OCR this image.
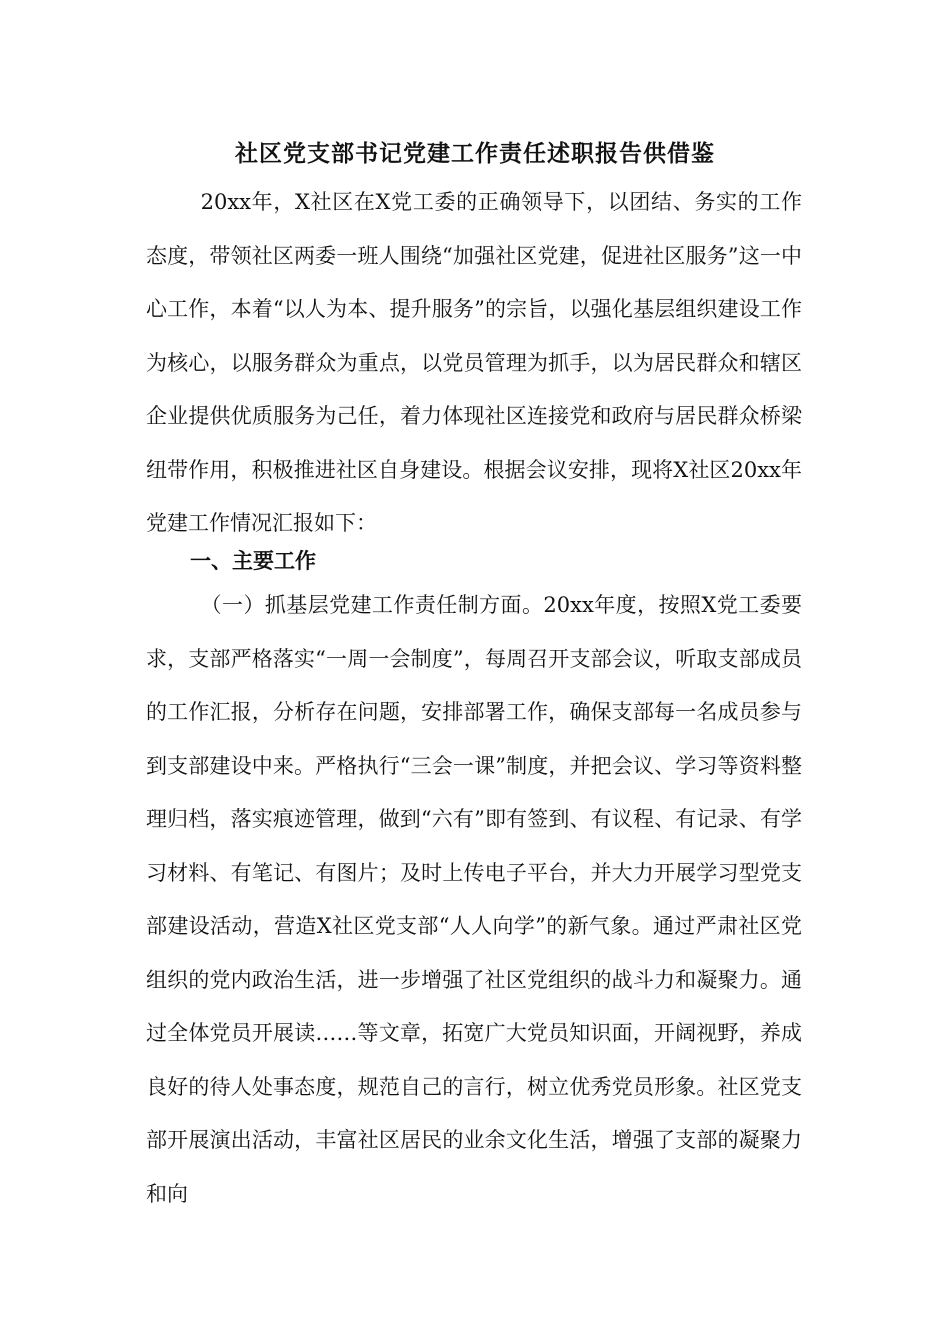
社区党支部书记党建工作责任述职报告供借鉴

20xx年，X社区在X党工委的正确领导下，以团结、务实的工作态度，带领社区两委一班人围绕“加强社区党建，促进社区服务”这一中心工作，本着“以人为本、提升服务”的宗旨，以强化基层组织建设工作为核心，以服务群众为重点，以党员管理为抓手，以为居民群众和辖区企业提供优质服务为己任，着力体现社区连接党和政府与居民群众桥梁纽带作用，积极推进社区自身建设。根据会议安排，现将X社区20xx年党建工作情况汇报如下：

一、主要工作

（一）抓基层党建工作责任制方面。20xx年度，按照X党工委要求，支部严格落实“一周一会制度”，每周召开支部会议，听取支部成员的工作汇报，分析存在问题，安排部署工作，确保支部每一名成员参与到支部建设中来。严格执行“三会一课”制度，并把会议、学习等资料整理归档，落实痕迹管理，做到“六有”即有签到、有议程、有记录、有学习材料、有笔记、有图片；及时上传电子平台，并大力开展学习型党支部建设活动，营造X社区党支部“人人向学”的新气象。通过严肃社区党组织的党内政治生活，进一步增强了社区党组织的战斗力和凝聚力。通过全体党员开展读……等文章，拓宽广大党员知识面，开阔视野，养成良好的待人处事态度，规范自己的言行，树立优秀党员形象。社区党支部开展演出活动，丰富社区居民的业余文化生活，增强了支部的凝聚力和向
